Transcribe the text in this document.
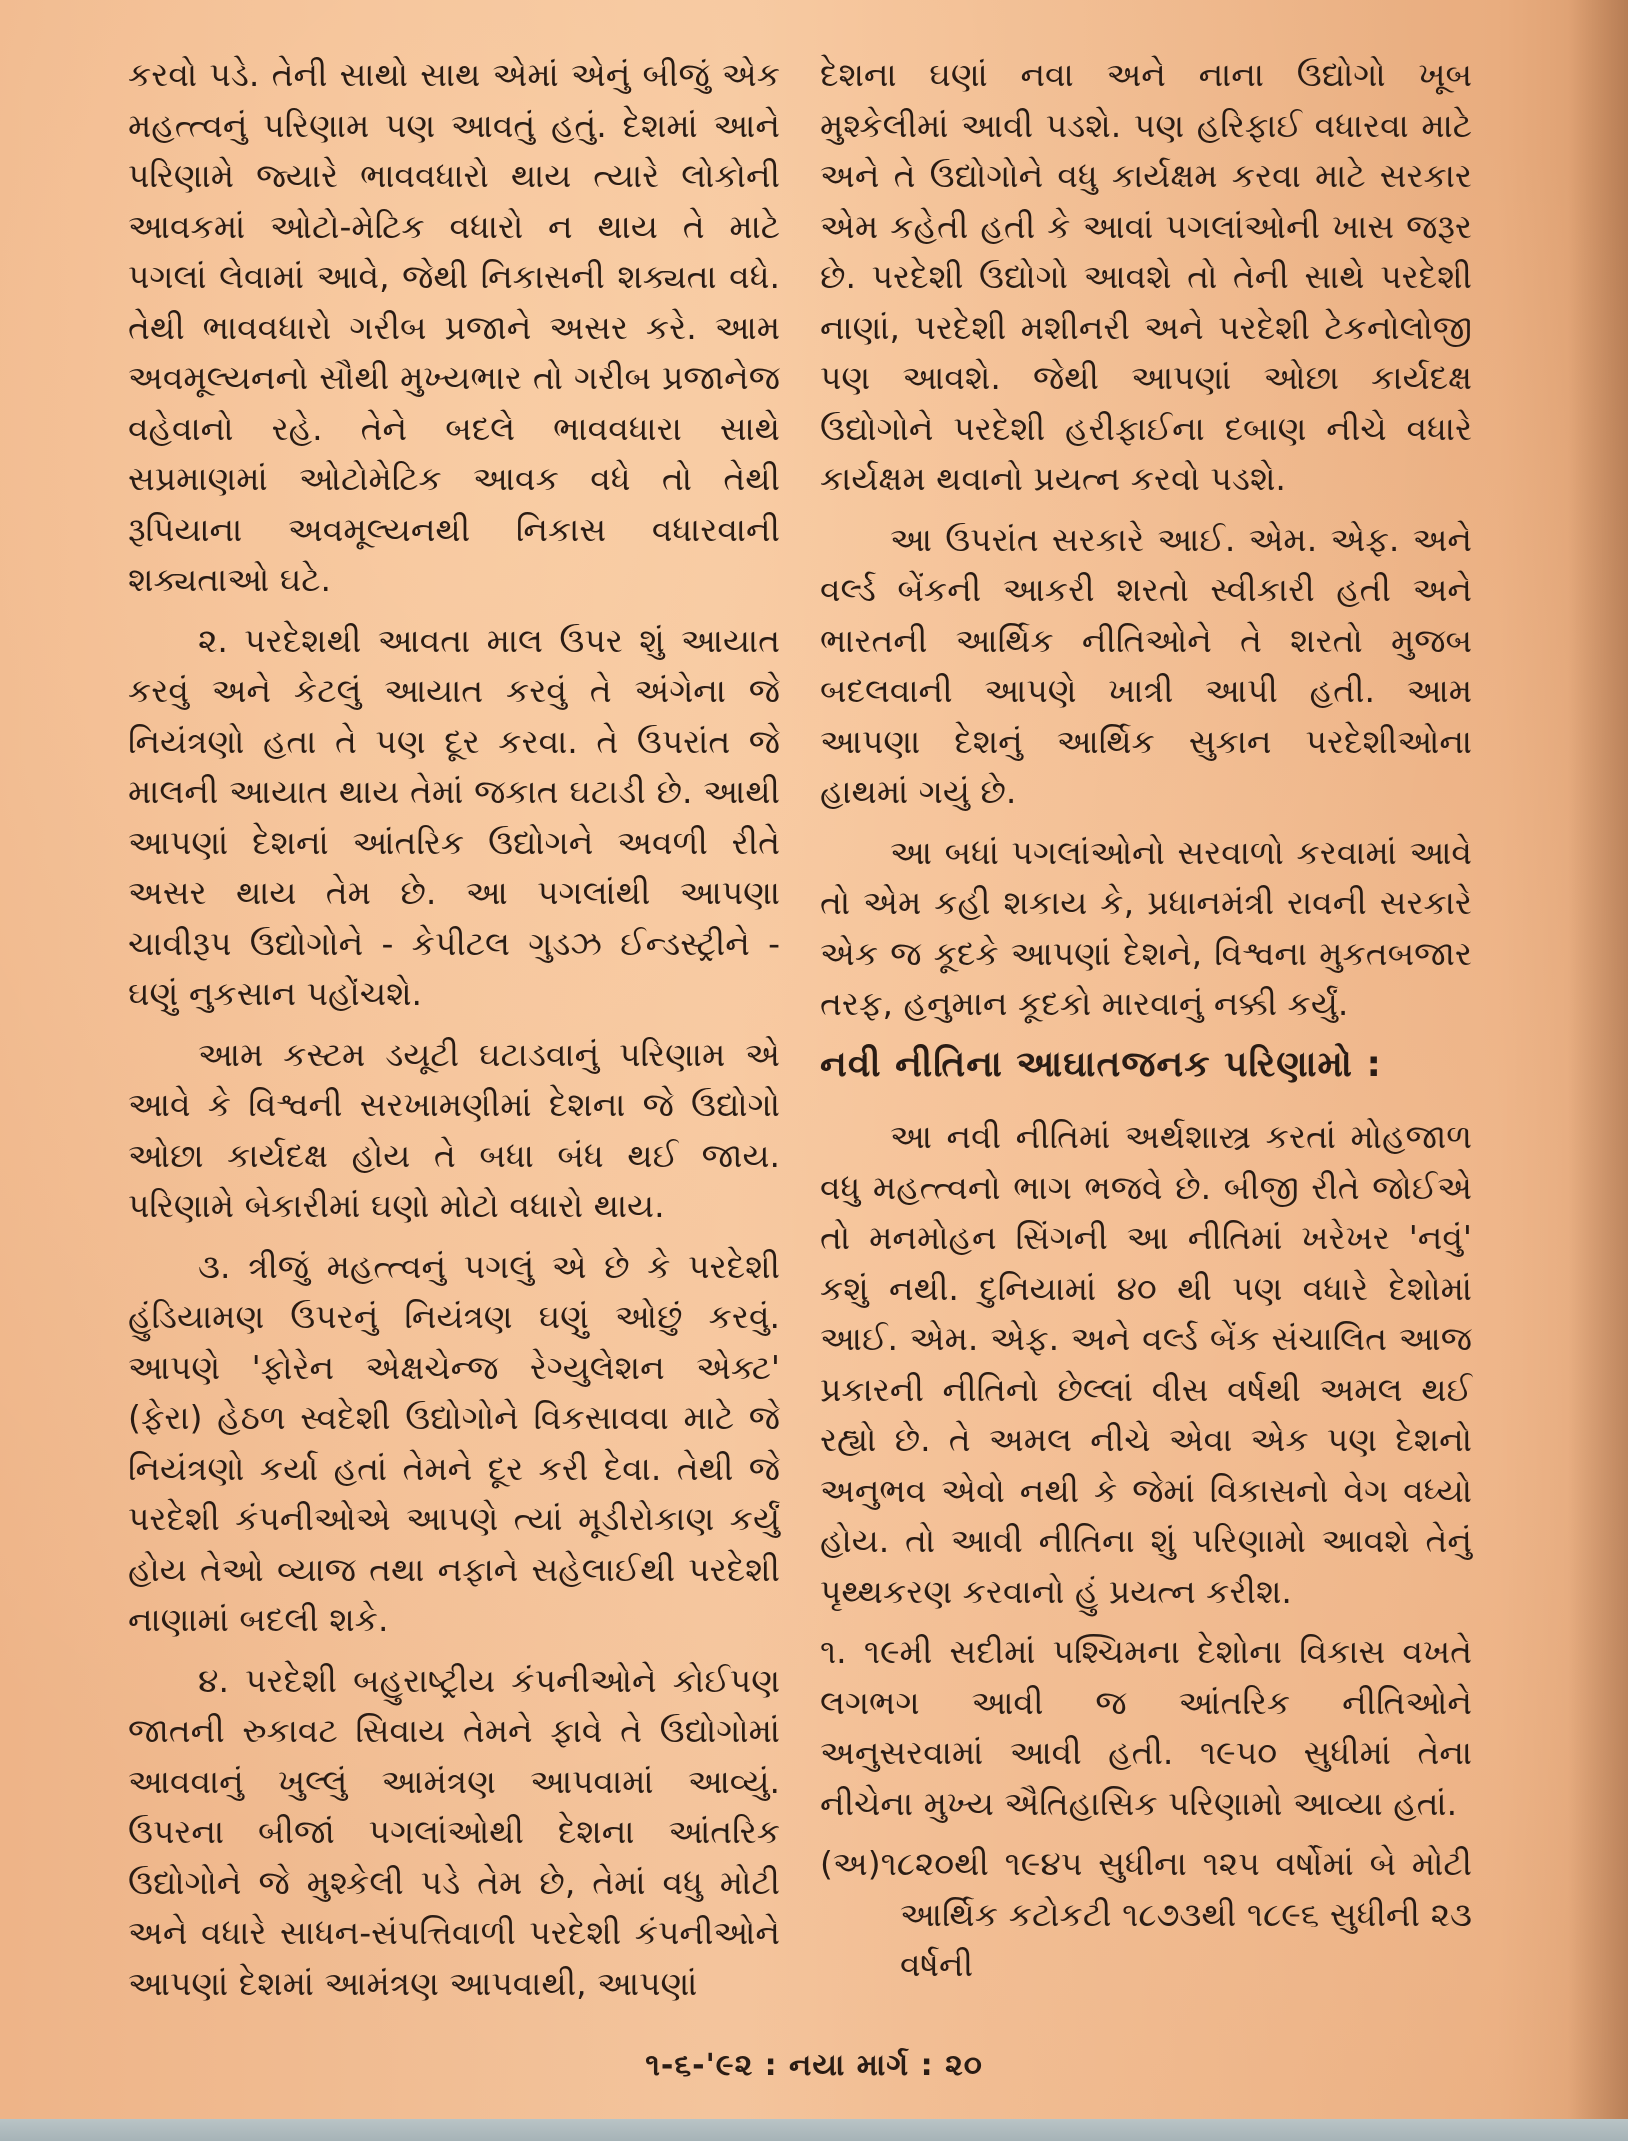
કરવો પડે. તેની સાથો સાથ એમાં એનું બીજું એક મહત્ત્વનું પરિણામ પણ આવતું હતું. દેશમાં આને પરિણામે જ્યારે ભાવવધારો થાય ત્યારે લોકોની આવકમાં ઓટો-મેટિક વધારો ન થાય તે માટે પગલાં લેવામાં આવે, જેથી નિકાસની શક્યતા વધે. તેથી ભાવવધારો ગરીબ પ્રજાને અસર કરે. આમ અવમૂલ્યનનો સૌથી મુખ્યભાર તો ગરીબ પ્રજાનેજ વહેવાનો રહે. તેને બદલે ભાવવધારા સાથે સપ્રમાણમાં ઓટોમેટિક આવક વધે તો તેથી રૂપિયાના અવમૂલ્યનથી નિકાસ વધારવાની શક્યતાઓ ઘટે.

૨. પરદેશથી આવતા માલ ઉપર શું આયાત કરવું અને કેટલું આયાત કરવું તે અંગેના જે નિયંત્રણો હતા તે પણ દૂર કરવા. તે ઉપરાંત જે માલની આયાત થાય તેમાં જકાત ઘટાડી છે. આથી આપણાં દેશનાં આંતરિક ઉદ્યોગને અવળી રીતે અસર થાય તેમ છે. આ પગલાંથી આપણા ચાવીરૂપ ઉદ્યોગોને - કેપીટલ ગુડઝ ઈન્ડસ્ટ્રીને - ઘણું નુકસાન પહોંચશે.

આમ કસ્ટમ ડયૂટી ઘટાડવાનું પરિણામ એ આવે કે વિશ્વની સરખામણીમાં દેશના જે ઉદ્યોગો ઓછા કાર્યદક્ષ હોય તે બધા બંધ થઈ જાય. પરિણામે બેકારીમાં ઘણો મોટો વધારો થાય.

૩. ત્રીજું મહત્ત્વનું પગલું એ છે કે પરદેશી હુંડિયામણ ઉપરનું નિયંત્રણ ઘણું ઓછું કરવું. આપણે 'ફોરેન એક્ષચેન્જ રેગ્યુલેશન એક્ટ' (ફેરા) હેઠળ સ્વદેશી ઉદ્યોગોને વિકસાવવા માટે જે નિયંત્રણો કર્યા હતાં તેમને દૂર કરી દેવા. તેથી જે પરદેશી કંપનીઓએ આપણે ત્યાં મૂડીરોકાણ કર્યું હોય તેઓ વ્યાજ તથા નફાને સહેલાઈથી પરદેશી નાણામાં બદલી શકે.

૪. પરદેશી બહુરાષ્ટ્રીય કંપનીઓને કોઈપણ જાતની રુકાવટ સિવાય તેમને ફાવે તે ઉદ્યોગોમાં આવવાનું ખુલ્લું આમંત્રણ આપવામાં આવ્યું. ઉપરના બીજાં પગલાંઓથી દેશના આંતરિક ઉદ્યોગોને જે મુશ્કેલી પડે તેમ છે, તેમાં વધુ મોટી અને વધારે સાધન-સંપત્તિવાળી પરદેશી કંપનીઓને આપણાં દેશમાં આમંત્રણ આપવાથી, આપણાં

દેશના ઘણાં નવા અને નાના ઉદ્યોગો ખૂબ મુશ્કેલીમાં આવી પડશે. પણ હરિફાઈ વધારવા માટે અને તે ઉદ્યોગોને વધુ કાર્યક્ષમ કરવા માટે સરકાર એમ કહેતી હતી કે આવાં પગલાંઓની ખાસ જરૂર છે. પરદેશી ઉદ્યોગો આવશે તો તેની સાથે પરદેશી નાણાં, પરદેશી મશીનરી અને પરદેશી ટેકનોલોજી પણ આવશે. જેથી આપણાં ઓછા કાર્યદક્ષ ઉદ્યોગોને પરદેશી હરીફાઈના દબાણ નીચે વધારે કાર્યક્ષમ થવાનો પ્રયત્ન કરવો પડશે.

આ ઉપરાંત સરકારે આઈ. એમ. એફ. અને વર્લ્ડ બેંકની આકરી શરતો સ્વીકારી હતી અને ભારતની આર્થિક નીતિઓને તે શરતો મુજબ બદલવાની આપણે ખાત્રી આપી હતી. આમ આપણા દેશનું આર્થિક સુકાન પરદેશીઓના હાથમાં ગયું છે.

આ બધાં પગલાંઓનો સરવાળો કરવામાં આવે તો એમ કહી શકાય કે, પ્રધાનમંત્રી રાવની સરકારે એક જ કૂદકે આપણાં દેશને, વિશ્વના મુકતબજાર તરફ, હનુમાન કૂદકો મારવાનું નક્કી કર્યું.

નવી નીતિના આઘાતજનક પરિણામો :

આ નવી નીતિમાં અર્થશાસ્ત્ર કરતાં મોહજાળ વધુ મહત્ત્વનો ભાગ ભજવે છે. બીજી રીતે જોઈએ તો મનમોહન સિંગની આ નીતિમાં ખરેખર 'નવું' કશું નથી. દુનિયામાં ૪૦ થી પણ વધારે દેશોમાં આઈ. એમ. એફ. અને વર્લ્ડ બેંક સંચાલિત આજ પ્રકારની નીતિનો છેલ્લાં વીસ વર્ષથી અમલ થઈ રહ્યો છે. તે અમલ નીચે એવા એક પણ દેશનો અનુભવ એવો નથી કે જેમાં વિકાસનો વેગ વધ્યો હોય. તો આવી નીતિના શું પરિણામો આવશે તેનું પૃથ્થકરણ કરવાનો હું પ્રયત્ન કરીશ.

૧. ૧૯મી સદીમાં પશ્ચિમના દેશોના વિકાસ વખતે લગભગ આવી જ આંતરિક નીતિઓને અનુસરવામાં આવી હતી. ૧૯૫૦ સુધીમાં તેના નીચેના મુખ્ય ઐતિહાસિક પરિણામો આવ્યા હતાં.

(અ)૧૮૨૦થી ૧૯૪૫ સુધીના ૧૨૫ વર્ષોમાં બે મોટી આર્થિક કટોકટી ૧૮૭૩થી ૧૮૯૬ સુધીની ૨૩ વર્ષની

૧-૬-'૯૨ : નયા માર્ગ : ૨૦
